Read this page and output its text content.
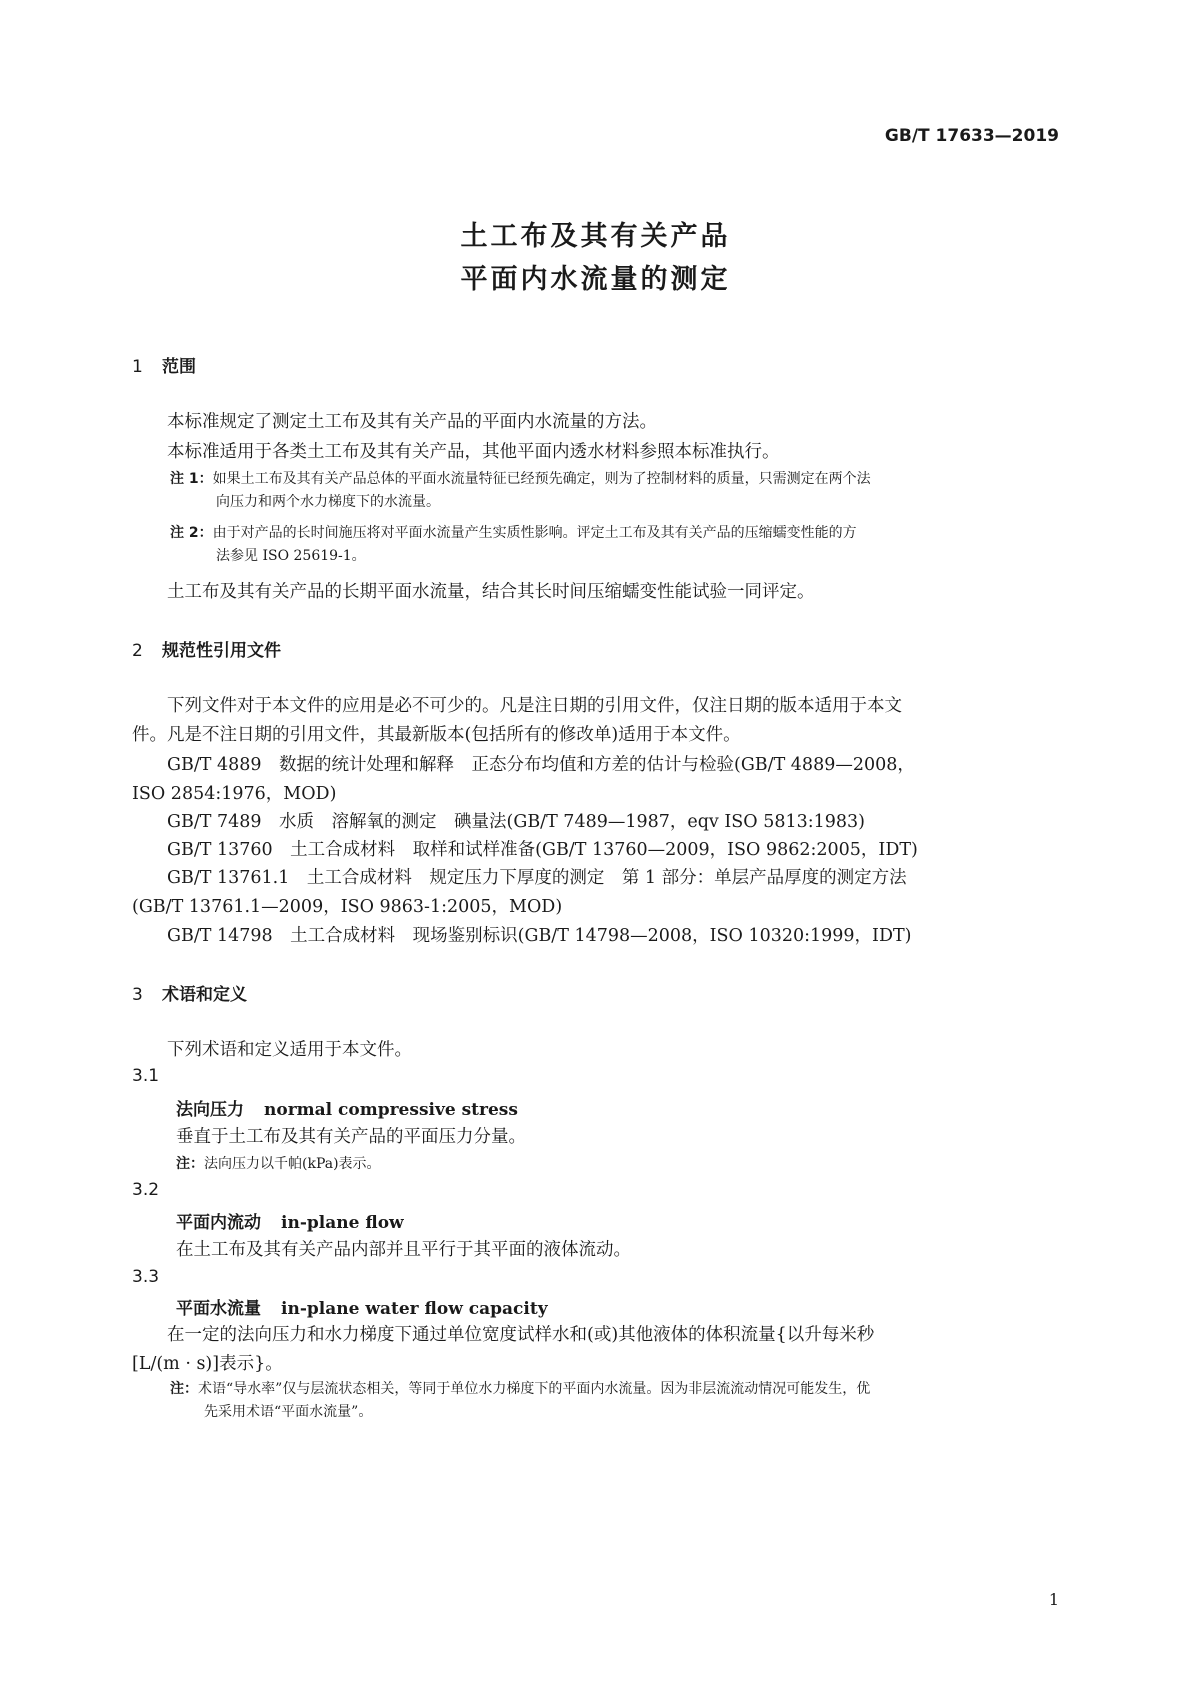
GB/T 17633—2019
土工布及其有关产品
平面内水流量的测定
1 范围
本标准规定了测定土工布及其有关产品的平面内水流量的方法。
本标准适用于各类土工布及其有关产品，其他平面内透水材料参照本标准执行。
注 1：如果土工布及其有关产品总体的平面水流量特征已经预先确定，则为了控制材料的质量，只需测定在两个法
向压力和两个水力梯度下的水流量。
注 2：由于对产品的长时间施压将对平面水流量产生实质性影响。评定土工布及其有关产品的压缩蠕变性能的方
法参见 ISO 25619-1。
土工布及其有关产品的长期平面水流量，结合其长时间压缩蠕变性能试验一同评定。
2 规范性引用文件
下列文件对于本文件的应用是必不可少的。凡是注日期的引用文件，仅注日期的版本适用于本文
件。凡是不注日期的引用文件，其最新版本(包括所有的修改单)适用于本文件。
GB/T 4889　数据的统计处理和解释　正态分布均值和方差的估计与检验(GB/T 4889—2008，
ISO 2854:1976，MOD)
GB/T 7489　水质　溶解氧的测定　碘量法(GB/T 7489—1987，eqv ISO 5813:1983)
GB/T 13760　土工合成材料　取样和试样准备(GB/T 13760—2009，ISO 9862:2005，IDT)
GB/T 13761.1　土工合成材料　规定压力下厚度的测定　第 1 部分：单层产品厚度的测定方法
(GB/T 13761.1—2009，ISO 9863-1:2005，MOD)
GB/T 14798　土工合成材料　现场鉴别标识(GB/T 14798—2008，ISO 10320:1999，IDT)
3 术语和定义
下列术语和定义适用于本文件。
3.1
法向压力 normal compressive stress
垂直于土工布及其有关产品的平面压力分量。
注：法向压力以千帕(kPa)表示。
3.2
平面内流动 in-plane flow
在土工布及其有关产品内部并且平行于其平面的液体流动。
3.3
平面水流量 in-plane water flow capacity
在一定的法向压力和水力梯度下通过单位宽度试样水和(或)其他液体的体积流量{以升每米秒
[L/(m · s)]表示}。
注：术语“导水率”仅与层流状态相关，等同于单位水力梯度下的平面内水流量。因为非层流流动情况可能发生，优
先采用术语“平面水流量”。
1
